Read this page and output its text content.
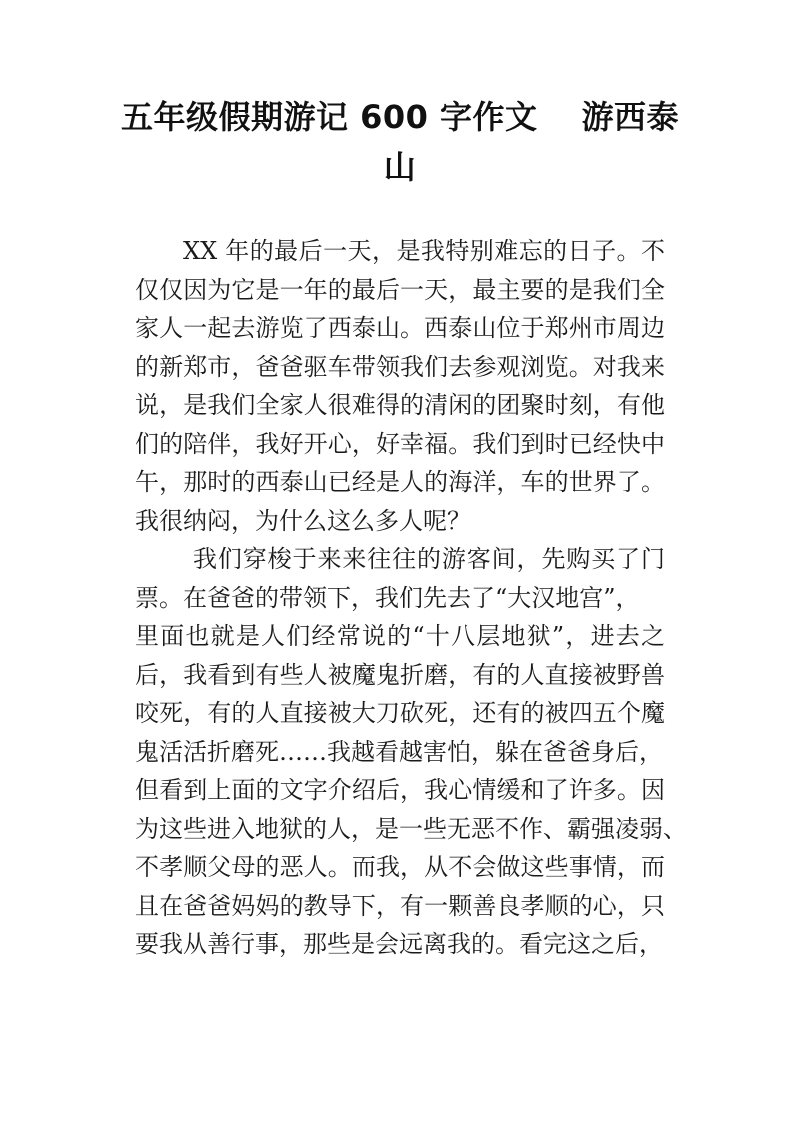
五年级假期游记 600 字作文 游西泰
山
XX 年的最后一天，是我特别难忘的日子。不
仅仅因为它是一年的最后一天，最主要的是我们全
家人一起去游览了西泰山。西泰山位于郑州市周边
的新郑市，爸爸驱车带领我们去参观浏览。对我来
说，是我们全家人很难得的清闲的团聚时刻，有他
们的陪伴，我好开心，好幸福。我们到时已经快中
午，那时的西泰山已经是人的海洋，车的世界了。
我很纳闷，为什么这么多人呢？
我们穿梭于来来往往的游客间，先购买了门
票。在爸爸的带领下，我们先去了“大汉地宫”，
里面也就是人们经常说的“十八层地狱”，进去之
后，我看到有些人被魔鬼折磨，有的人直接被野兽
咬死，有的人直接被大刀砍死，还有的被四五个魔
鬼活活折磨死……我越看越害怕，躲在爸爸身后，
但看到上面的文字介绍后，我心情缓和了许多。因
为这些进入地狱的人，是一些无恶不作、霸强凌弱、
不孝顺父母的恶人。而我，从不会做这些事情，而
且在爸爸妈妈的教导下，有一颗善良孝顺的心，只
要我从善行事，那些是会远离我的。看完这之后，
